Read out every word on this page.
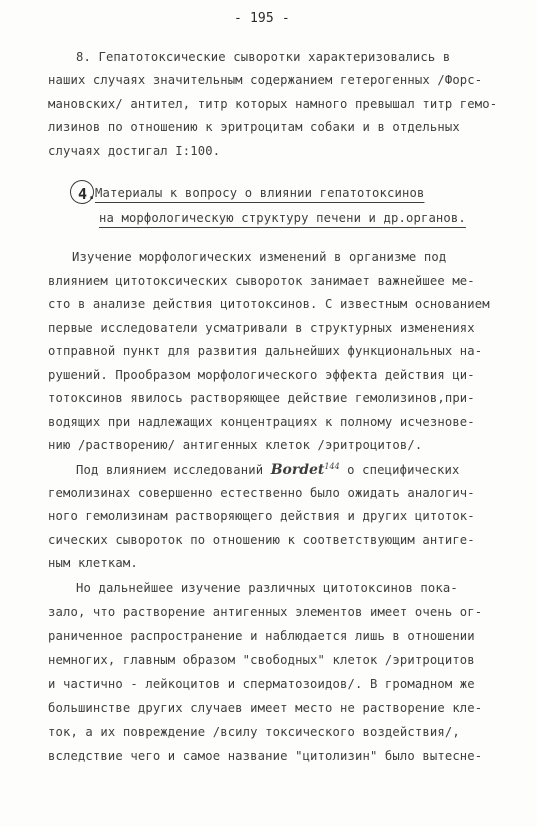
- 195 -
8. Гепатотоксические сыворотки характеризовались в
наших случаях значительным содержанием гетерогенных /Форс-
мановских/ антител, титр которых намного превышал титр гемо-
лизинов по отношению к эритроцитам собаки и в отдельных
случаях достигал I:100.
4.
Материалы к вопросу о влиянии гепатотоксинов
на морфологическую структуру печени и др.органов.
Изучение морфологических изменений в организме под
влиянием цитотоксических сывороток занимает важнейшее ме-
сто в анализе действия цитотоксинов. С известным основанием
первые исследователи усматривали в структурных изменениях
отправной пункт для развития дальнейших функциональных на-
рушений. Прообразом морфологического эффекта действия ци-
тотоксинов явилось растворяющее действие гемолизинов,при-
водящих при надлежащих концентрациях к полному исчезнове-
нию /растворению/ антигенных клеток /эритроцитов/.
Под влиянием исследований Bordet$^{144}$ о специфических
гемолизинах совершенно естественно было ожидать аналогич-
ного гемолизинам растворяющего действия и других цитоток-
сических сывороток по отношению к соответствующим антиге-
ным клеткам.
Но дальнейшее изучение различных цитотоксинов пока-
зало, что растворение антигенных элементов имеет очень ог-
раниченное распространение и наблюдается лишь в отношении
немногих, главным образом "свободных" клеток /эритроцитов
и частично - лейкоцитов и сперматозоидов/. В громадном же
большинстве других случаев имеет место не растворение кле-
ток, а их повреждение /всилу токсического воздействия/,
вследствие чего и самое название "цитолизин" было вытесне-
